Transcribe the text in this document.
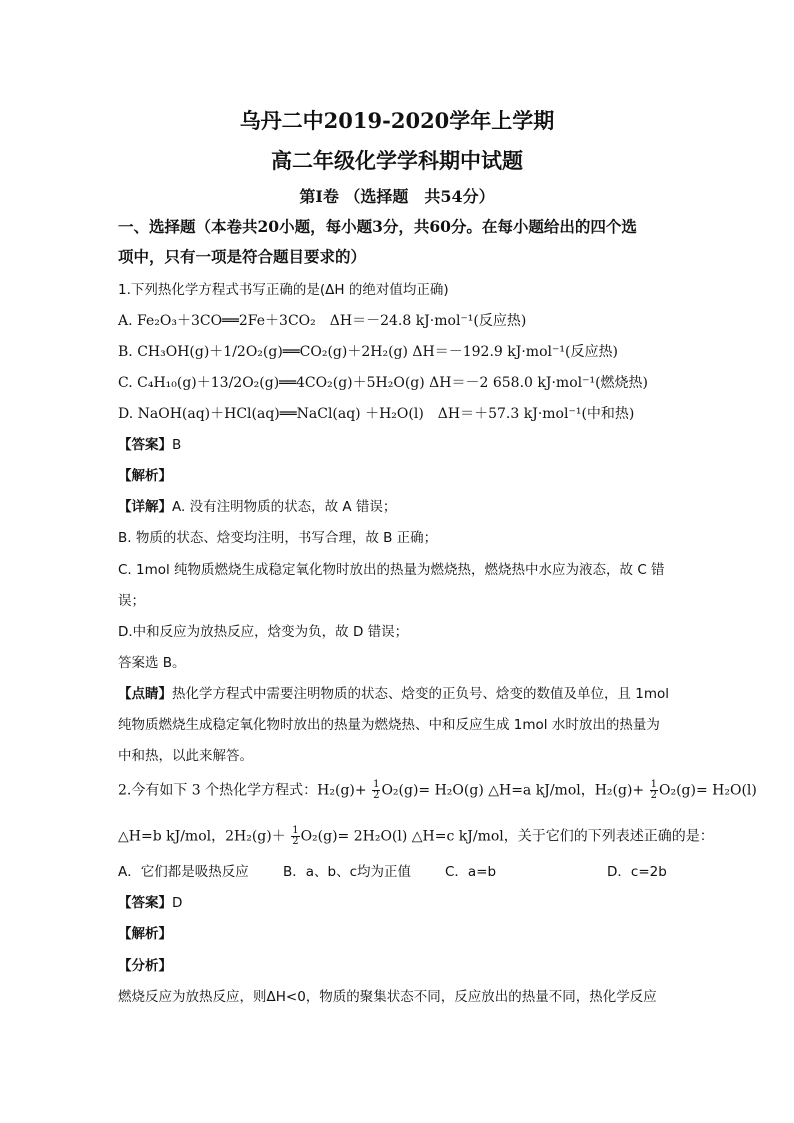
乌丹二中2019-2020学年上学期
高二年级化学学科期中试题
第Ⅰ卷 （选择题　共54分）
一、选择题（本卷共20小题，每小题3分，共60分。在每小题给出的四个选
项中，只有一项是符合题目要求的）
1.下列热化学方程式书写正确的是(ΔH 的绝对值均正确)
A. Fe₂O₃＋3CO══2Fe＋3CO₂　ΔH＝－24.8 kJ·mol⁻¹(反应热)
B. CH₃OH(g)＋1/2O₂(g)══CO₂(g)＋2H₂(g) ΔH＝－192.9 kJ·mol⁻¹(反应热)
C. C₄H₁₀(g)＋13/2O₂(g)══4CO₂(g)＋5H₂O(g) ΔH＝－2 658.0 kJ·mol⁻¹(燃烧热)
D. NaOH(aq)＋HCl(aq)══NaCl(aq) ＋H₂O(l)　ΔH＝＋57.3 kJ·mol⁻¹(中和热)
【答案】B
【解析】
【详解】A. 没有注明物质的状态，故 A 错误；
B. 物质的状态、焓变均注明，书写合理，故 B 正确；
C. 1mol 纯物质燃烧生成稳定氧化物时放出的热量为燃烧热，燃烧热中水应为液态，故 C 错
误；
D.中和反应为放热反应，焓变为负，故 D 错误；
答案选 B。
【点睛】热化学方程式中需要注明物质的状态、焓变的正负号、焓变的数值及单位，且 1mol
纯物质燃烧生成稳定氧化物时放出的热量为燃烧热、中和反应生成 1mol 水时放出的热量为
中和热，以此来解答。
2.今有如下 3 个热化学方程式：$H_2(g)+ \frac{1}{2} O_2(g)= H_2O(g)$ △H=a kJ/mol，$H_2(g)+ \frac{1}{2} O_2(g)= H_2O(l)$
△H=b kJ/mol，$2H_2(g)+ \frac{1}{2} O_2(g)= 2H_2O(l)$ △H=c kJ/mol，关于它们的下列表述正确的是：
A．它们都是吸热反应	B．a、b、c均为正值	C．a=b	D．c=2b
【答案】D
【解析】
【分析】
燃烧反应为放热反应，则ΔH<0，物质的聚集状态不同，反应放出的热量不同，热化学反应
